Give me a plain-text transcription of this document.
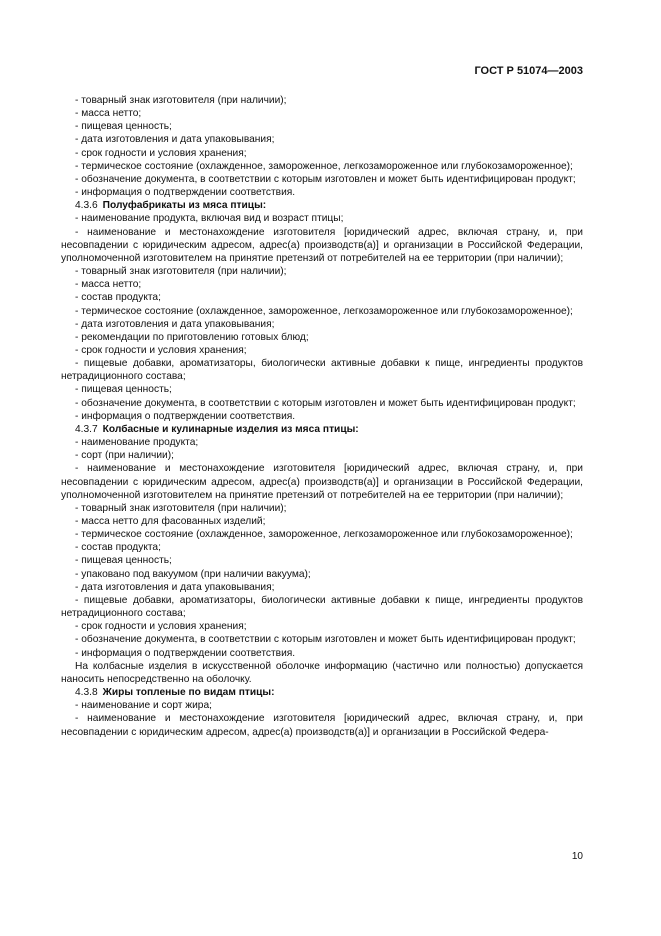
ГОСТ Р 51074—2003

- товарный знак изготовителя (при наличии);

- масса нетто;

- пищевая ценность;

- дата изготовления и дата упаковывания;

- срок годности и условия хранения;

- термическое состояние (охлажденное, замороженное, легкозамороженное или глубокозамороженное);

- обозначение документа, в соответствии с которым изготовлен и может быть идентифицирован продукт;

- информация о подтверждении соответствия.

4.3.6 Полуфабрикаты из мяса птицы:

- наименование продукта, включая вид и возраст птицы;

- наименование и местонахождение изготовителя [юридический адрес, включая страну, и, при несовпадении с юридическим адресом, адрес(а) производств(а)] и организации в Российской Федерации, уполномоченной изготовителем на принятие претензий от потребителей на ее территории (при наличии);

- товарный знак изготовителя (при наличии);

- масса нетто;

- состав продукта;

- термическое состояние (охлажденное, замороженное, легкозамороженное или глубокозамороженное);

- дата изготовления и дата упаковывания;

- рекомендации по приготовлению готовых блюд;

- срок годности и условия хранения;

- пищевые добавки, ароматизаторы, биологически активные добавки к пище, ингредиенты продуктов нетрадиционного состава;

- пищевая ценность;

- обозначение документа, в соответствии с которым изготовлен и может быть идентифицирован продукт;

- информация о подтверждении соответствия.

4.3.7 Колбасные и кулинарные изделия из мяса птицы:

- наименование продукта;

- сорт (при наличии);

- наименование и местонахождение изготовителя [юридический адрес, включая страну, и, при несовпадении с юридическим адресом, адрес(а) производств(а)] и организации в Российской Федерации, уполномоченной изготовителем на принятие претензий от потребителей на ее территории (при наличии);

- товарный знак изготовителя (при наличии);

- масса нетто для фасованных изделий;

- термическое состояние (охлажденное, замороженное, легкозамороженное или глубокозамороженное);

- состав продукта;

- пищевая ценность;

- упаковано под вакуумом (при наличии вакуума);

- дата изготовления и дата упаковывания;

- пищевые добавки, ароматизаторы, биологически активные добавки к пище, ингредиенты продуктов нетрадиционного состава;

- срок годности и условия хранения;

- обозначение документа, в соответствии с которым изготовлен и может быть идентифицирован продукт;

- информация о подтверждении соответствия.

На колбасные изделия в искусственной оболочке информацию (частично или полностью) допускается наносить непосредственно на оболочку.

4.3.8 Жиры топленые по видам птицы:

- наименование и сорт жира;

- наименование и местонахождение изготовителя [юридический адрес, включая страну, и, при несовпадении с юридическим адресом, адрес(а) производств(а)] и организации в Российской Федера-

10
